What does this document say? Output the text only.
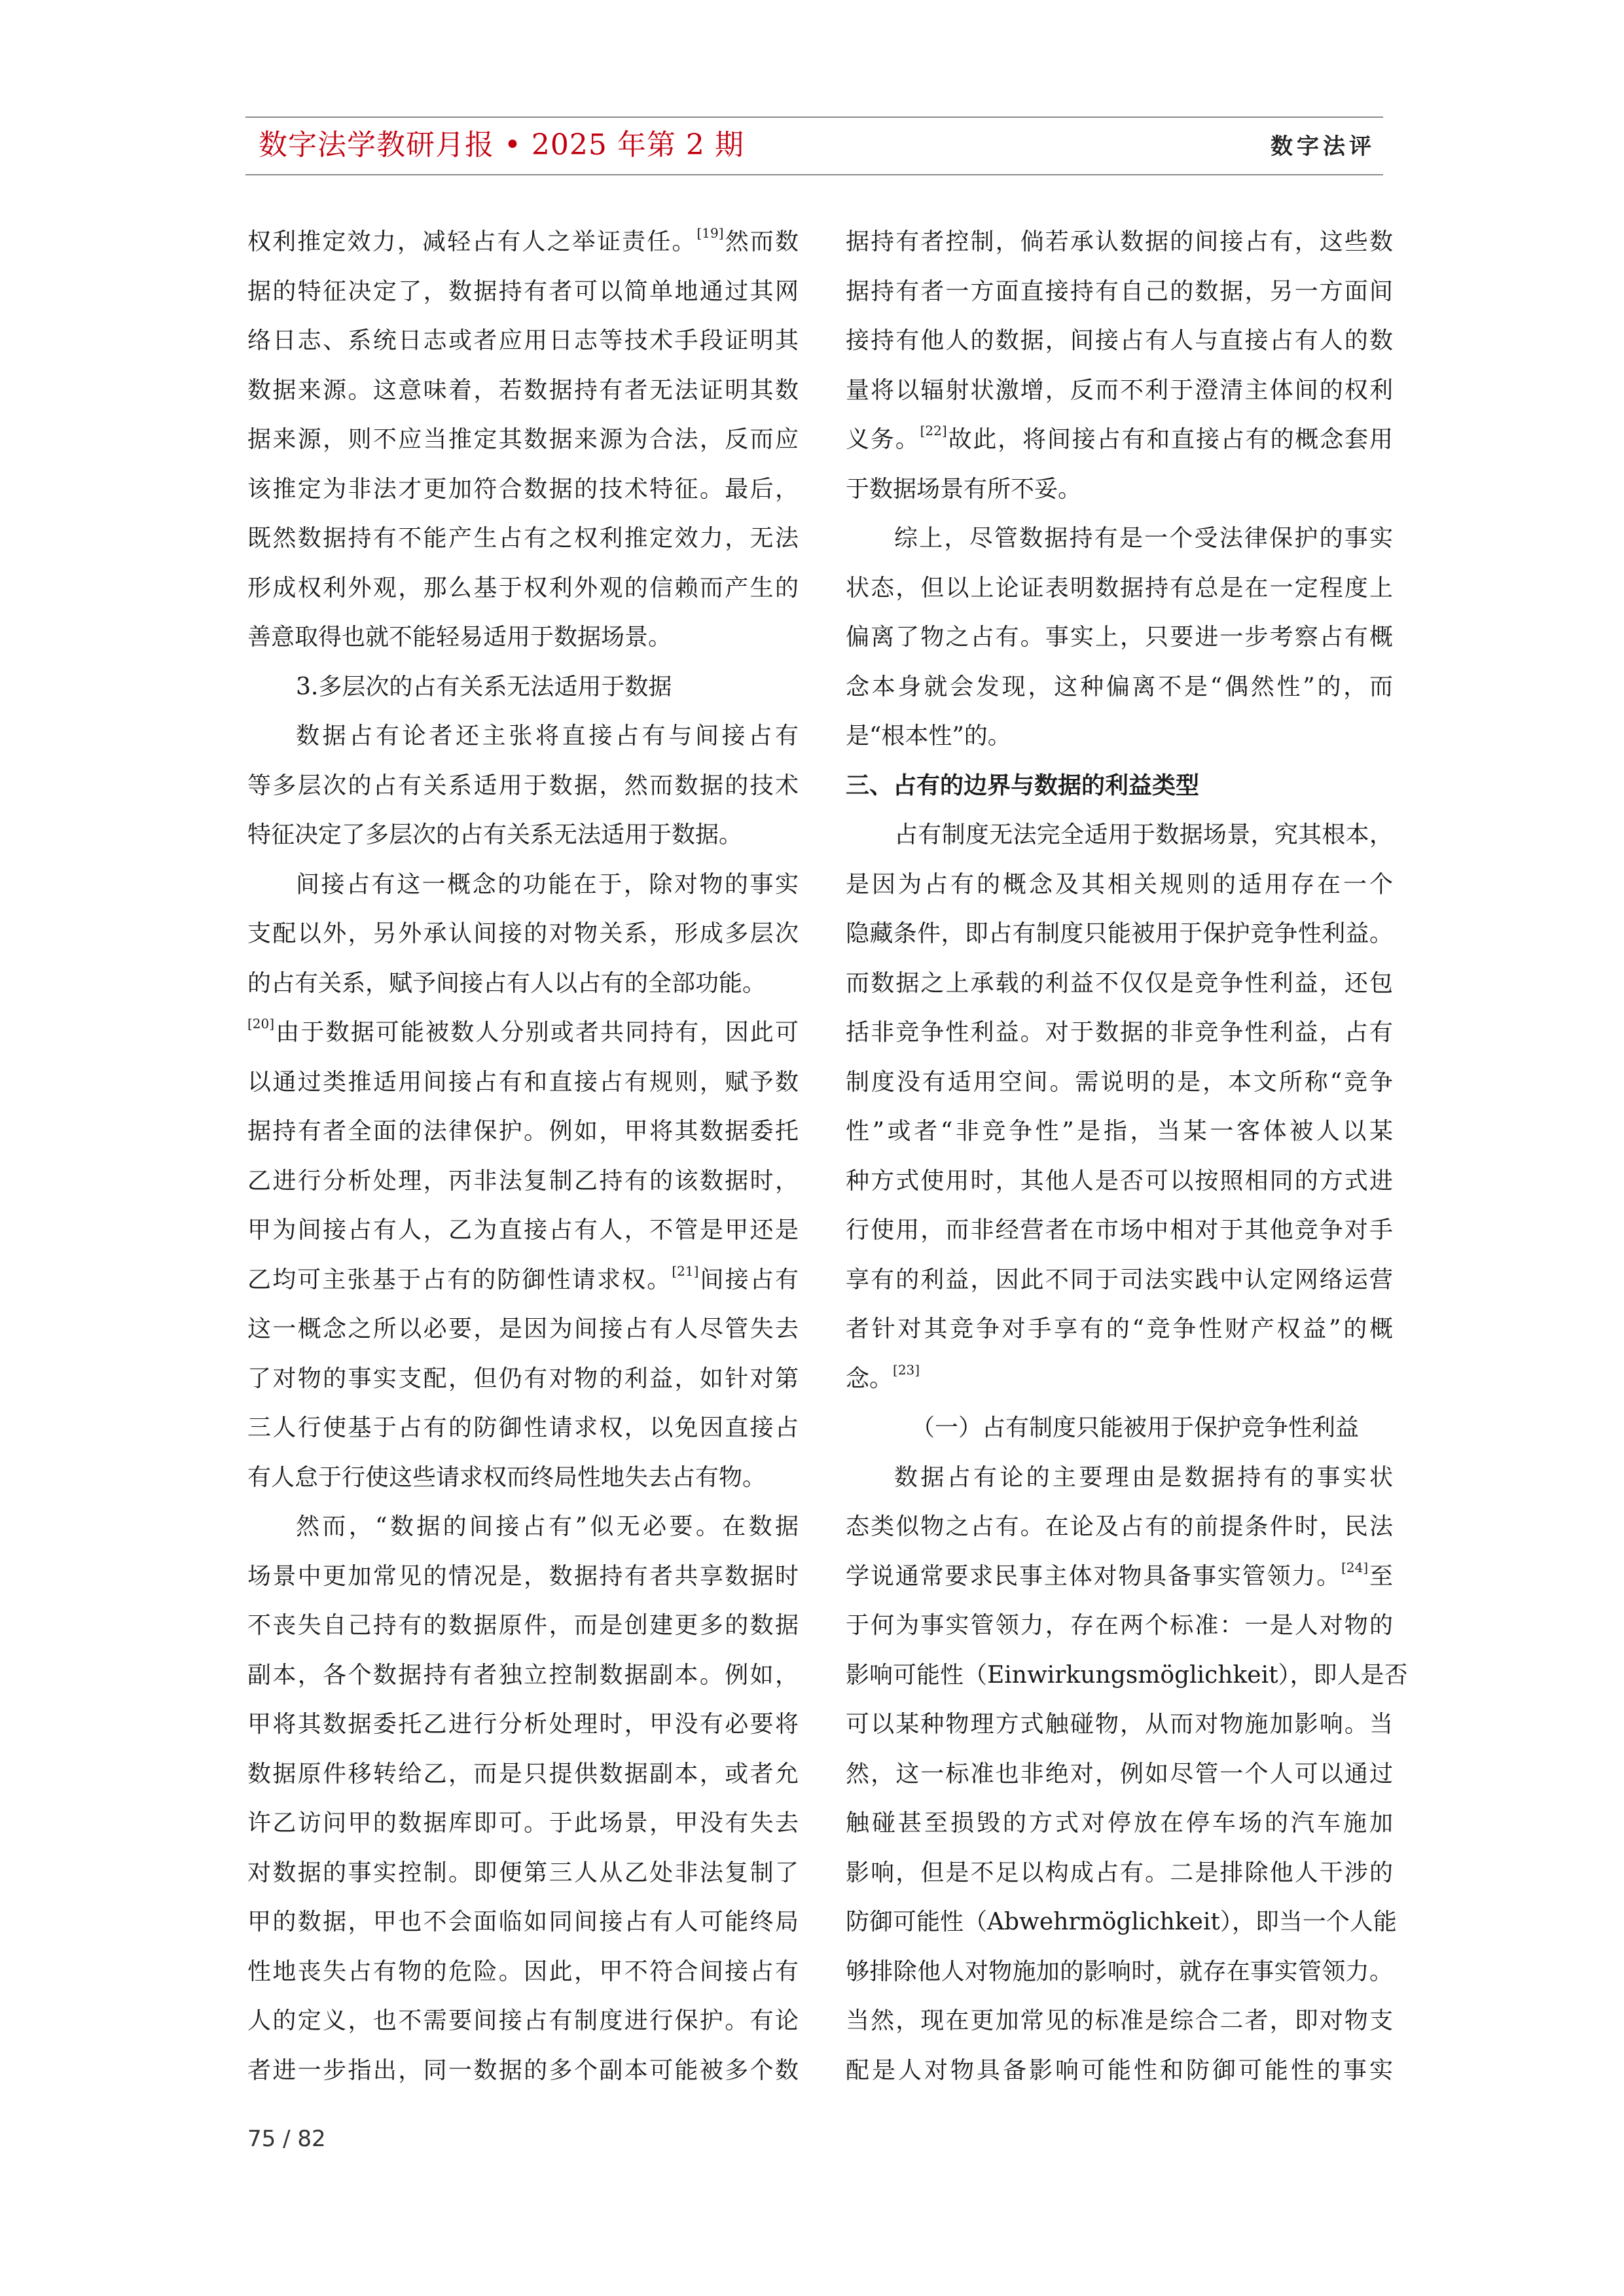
数字法学教研月报 • 2025 年第 2 期	数字法评
权利推定效力，减轻占有人之举证责任。[19]然而数
据的特征决定了，数据持有者可以简单地通过其网
络日志、系统日志或者应用日志等技术手段证明其
数据来源。这意味着，若数据持有者无法证明其数
据来源，则不应当推定其数据来源为合法，反而应
该推定为非法才更加符合数据的技术特征。最后，
既然数据持有不能产生占有之权利推定效力，无法
形成权利外观，那么基于权利外观的信赖而产生的
善意取得也就不能轻易适用于数据场景。
3.多层次的占有关系无法适用于数据
数据占有论者还主张将直接占有与间接占有
等多层次的占有关系适用于数据，然而数据的技术
特征决定了多层次的占有关系无法适用于数据。
间接占有这一概念的功能在于，除对物的事实
支配以外，另外承认间接的对物关系，形成多层次
的占有关系，赋予间接占有人以占有的全部功能。
[20]由于数据可能被数人分别或者共同持有，因此可
以通过类推适用间接占有和直接占有规则，赋予数
据持有者全面的法律保护。例如，甲将其数据委托
乙进行分析处理，丙非法复制乙持有的该数据时，
甲为间接占有人，乙为直接占有人，不管是甲还是
乙均可主张基于占有的防御性请求权。[21]间接占有
这一概念之所以必要，是因为间接占有人尽管失去
了对物的事实支配，但仍有对物的利益，如针对第
三人行使基于占有的防御性请求权，以免因直接占
有人怠于行使这些请求权而终局性地失去占有物。
然而，“数据的间接占有”似无必要。在数据
场景中更加常见的情况是，数据持有者共享数据时
不丧失自己持有的数据原件，而是创建更多的数据
副本，各个数据持有者独立控制数据副本。例如，
甲将其数据委托乙进行分析处理时，甲没有必要将
数据原件移转给乙，而是只提供数据副本，或者允
许乙访问甲的数据库即可。于此场景，甲没有失去
对数据的事实控制。即便第三人从乙处非法复制了
甲的数据，甲也不会面临如同间接占有人可能终局
性地丧失占有物的危险。因此，甲不符合间接占有
人的定义，也不需要间接占有制度进行保护。有论
者进一步指出，同一数据的多个副本可能被多个数
据持有者控制，倘若承认数据的间接占有，这些数
据持有者一方面直接持有自己的数据，另一方面间
接持有他人的数据，间接占有人与直接占有人的数
量将以辐射状激增，反而不利于澄清主体间的权利
义务。[22]故此，将间接占有和直接占有的概念套用
于数据场景有所不妥。
综上，尽管数据持有是一个受法律保护的事实
状态，但以上论证表明数据持有总是在一定程度上
偏离了物之占有。事实上，只要进一步考察占有概
念本身就会发现，这种偏离不是“偶然性”的，而
是“根本性”的。
三、占有的边界与数据的利益类型
占有制度无法完全适用于数据场景，究其根本，
是因为占有的概念及其相关规则的适用存在一个
隐藏条件，即占有制度只能被用于保护竞争性利益。
而数据之上承载的利益不仅仅是竞争性利益，还包
括非竞争性利益。对于数据的非竞争性利益，占有
制度没有适用空间。需说明的是，本文所称“竞争
性”或者“非竞争性”是指，当某一客体被人以某
种方式使用时，其他人是否可以按照相同的方式进
行使用，而非经营者在市场中相对于其他竞争对手
享有的利益，因此不同于司法实践中认定网络运营
者针对其竞争对手享有的“竞争性财产权益”的概
念。[23]
（一）占有制度只能被用于保护竞争性利益
数据占有论的主要理由是数据持有的事实状
态类似物之占有。在论及占有的前提条件时，民法
学说通常要求民事主体对物具备事实管领力。[24]至
于何为事实管领力，存在两个标准：一是人对物的
影响可能性（Einwirkungsmöglichkeit），即人是否
可以某种物理方式触碰物，从而对物施加影响。当
然，这一标准也非绝对，例如尽管一个人可以通过
触碰甚至损毁的方式对停放在停车场的汽车施加
影响，但是不足以构成占有。二是排除他人干涉的
防御可能性（Abwehrmöglichkeit），即当一个人能
够排除他人对物施加的影响时，就存在事实管领力。
当然，现在更加常见的标准是综合二者，即对物支
配是人对物具备影响可能性和防御可能性的事实
75 / 82
